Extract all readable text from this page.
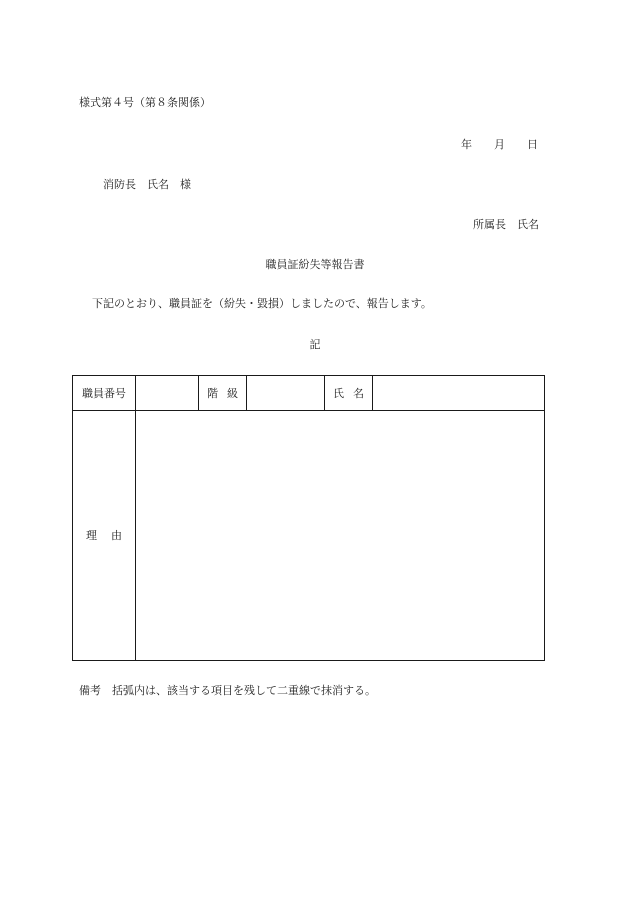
様式第４号（第８条関係）
年 月 日
消防長　氏名　様
所属長　氏名
職員証紛失等報告書
下記のとおり、職員証を（紛失・毀損）しましたので、報告します。
記
職員番号	階級	氏名
理由
備考　括弧内は、該当する項目を残して二重線で抹消する。
